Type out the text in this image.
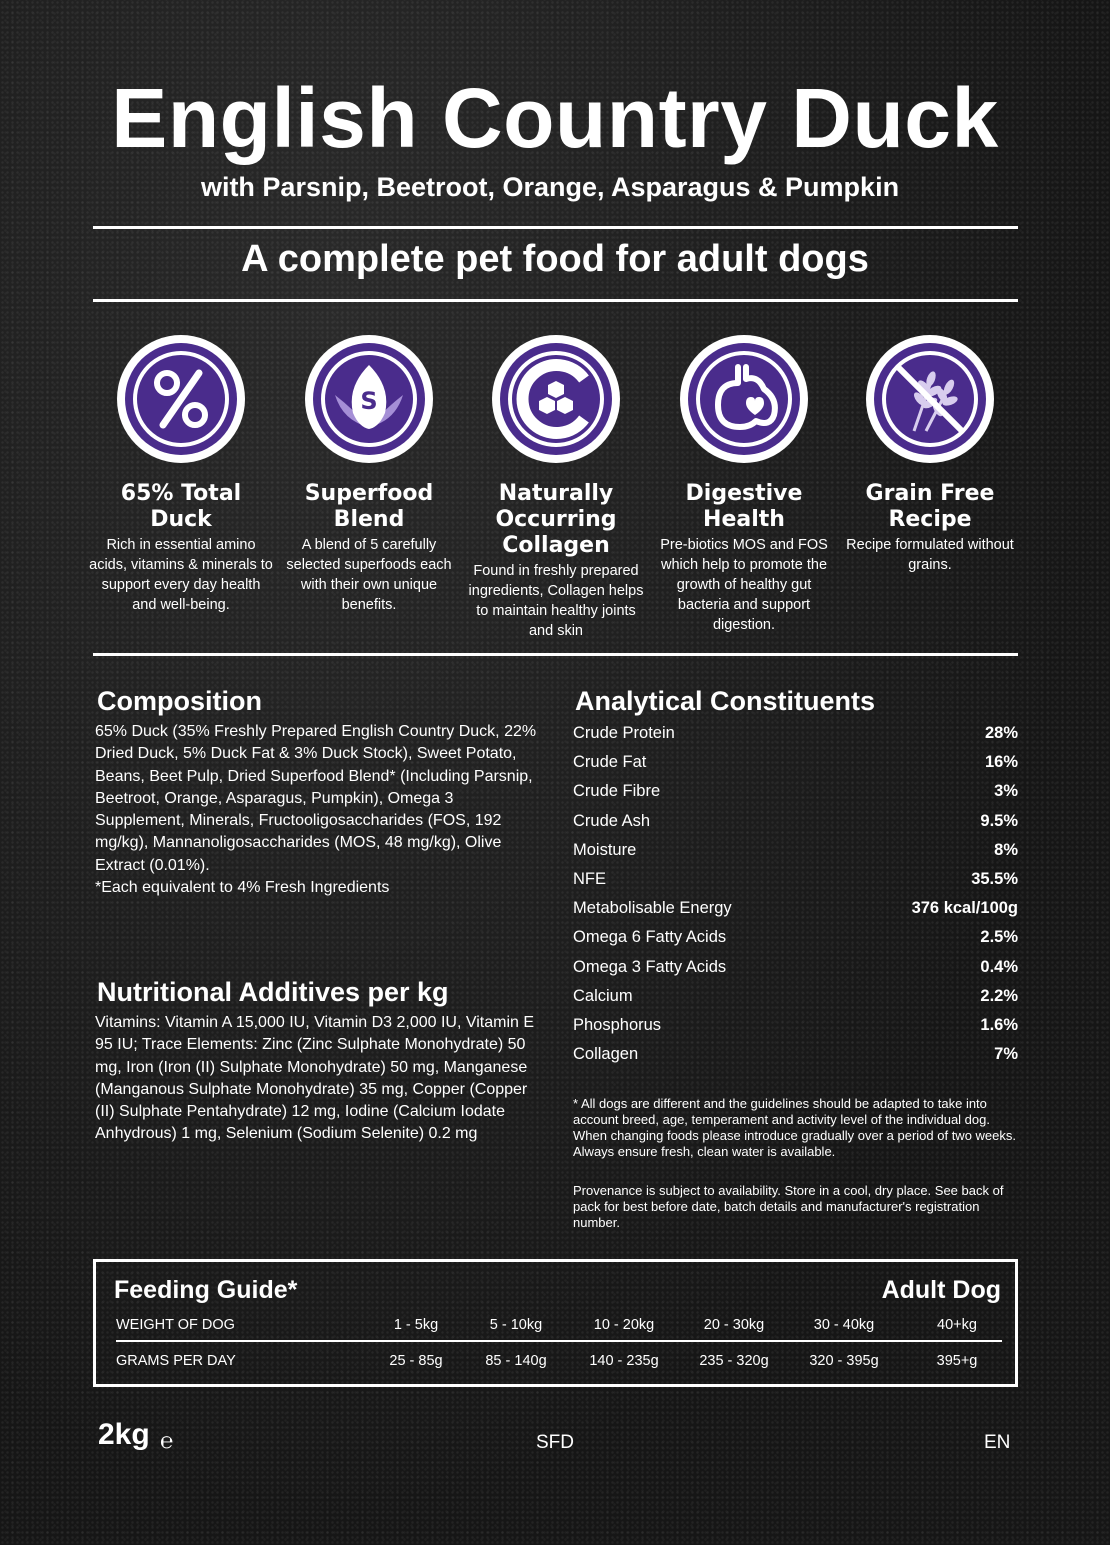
English Country Duck
with Parsnip, Beetroot, Orange, Asparagus & Pumpkin
A complete pet food for adult dogs
65% Total Duck
Rich in essential amino acids, vitamins & minerals to support every day health and well-being.
S
Superfood Blend
A blend of 5 carefully selected superfoods each with their own unique benefits.
Naturally Occurring Collagen
Found in freshly prepared ingredients, Collagen helps to maintain healthy joints and skin
Digestive Health
Pre-biotics MOS and FOS which help to promote the growth of healthy gut bacteria and support digestion.
Grain Free Recipe
Recipe formulated without grains.
Composition
65% Duck (35% Freshly Prepared English Country Duck, 22% Dried Duck, 5% Duck Fat & 3% Duck Stock), Sweet Potato, Beans, Beet Pulp, Dried Superfood Blend* (Including Parsnip, Beetroot, Orange, Asparagus, Pumpkin), Omega 3 Supplement, Minerals, Fructooligosaccharides (FOS, 192 mg/kg), Mannanoligosaccharides (MOS, 48 mg/kg), Olive Extract (0.01%).
*Each equivalent to 4% Fresh Ingredients
Nutritional Additives per kg
Vitamins: Vitamin A 15,000 IU, Vitamin D3 2,000 IU, Vitamin E 95 IU; Trace Elements: Zinc (Zinc Sulphate Monohydrate) 50 mg, Iron (Iron (II) Sulphate Monohydrate) 50 mg, Manganese (Manganous Sulphate Monohydrate) 35 mg, Copper (Copper (II) Sulphate Pentahydrate) 12 mg, Iodine (Calcium Iodate Anhydrous) 1 mg, Selenium (Sodium Selenite) 0.2 mg
Analytical Constituents
Crude Protein	28%
Crude Fat	16%
Crude Fibre	3%
Crude Ash	9.5%
Moisture	8%
NFE	35.5%
Metabolisable Energy	376 kcal/100g
Omega 6 Fatty Acids	2.5%
Omega 3 Fatty Acids	0.4%
Calcium	2.2%
Phosphorus	1.6%
Collagen	7%
* All dogs are different and the guidelines should be adapted to take into account breed, age, temperament and activity level of the individual dog. When changing foods please introduce gradually over a period of two weeks. Always ensure fresh, clean water is available.
Provenance is subject to availability. Store in a cool, dry place. See back of pack for best before date, batch details and manufacturer's registration number.
Feeding Guide*	Adult Dog
WEIGHT OF DOG	1 - 5kg	5 - 10kg	10 - 20kg	20 - 30kg	30 - 40kg	40+kg
GRAMS PER DAY	25 - 85g	85 - 140g	140 - 235g	235 - 320g	320 - 395g	395+g
2kg ℮	SFD	EN
